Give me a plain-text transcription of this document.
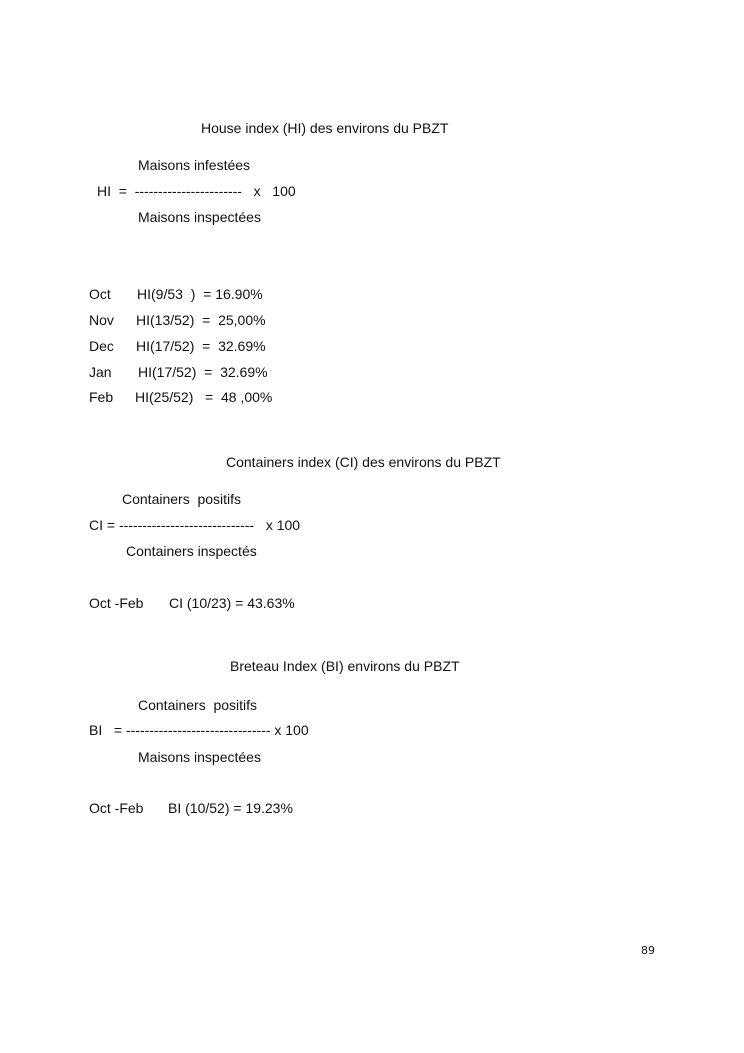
House index (HI) des environs du PBZT
Maisons infestées
HI  =  -----------------------   x   100
Maisons inspectées
Oct HI(9/53  )  = 16.90%
Nov HI(13/52)  =  25,00%
Dec HI(17/52)  =  32.69%
Jan HI(17/52)  =  32.69%
Feb HI(25/52)   =  48 ,00%
Containers index (CI) des environs du PBZT
Containers  positifs
CI = -----------------------------   x 100
Containers inspectés
Oct -Feb CI (10/23) = 43.63%
Breteau Index (BI) environs du PBZT
Containers  positifs
BI   = ------------------------------- x 100
Maisons inspectées
Oct -Feb BI (10/52) = 19.23%
89
